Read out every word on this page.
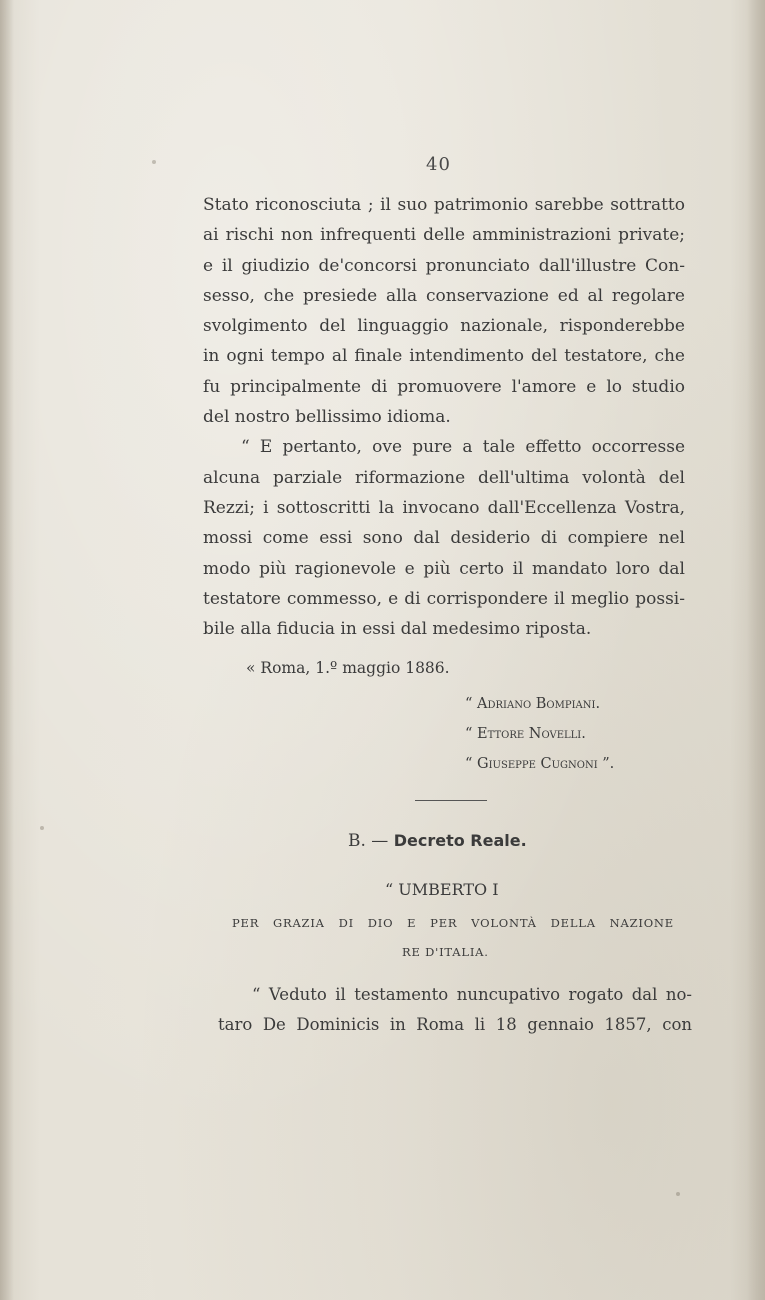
40
Stato riconosciuta ; il suo patrimonio sarebbe sottratto
ai rischi non infrequenti delle amministrazioni private;
e il giudizio de'concorsi pronunciato dall'illustre Con-
sesso, che presiede alla conservazione ed al regolare
svolgimento del linguaggio nazionale, risponderebbe
in ogni tempo al finale intendimento del testatore, che
fu principalmente di promuovere l'amore e lo studio
del nostro bellissimo idioma.
“ E pertanto, ove pure a tale effetto occorresse
alcuna parziale riformazione dell'ultima volontà del
Rezzi; i sottoscritti la invocano dall'Eccellenza Vostra,
mossi come essi sono dal desiderio di compiere nel
modo più ragionevole e più certo il mandato loro dal
testatore commesso, e di corrispondere il meglio possi-
bile alla fiducia in essi dal medesimo riposta.
« Roma, 1.º maggio 1886.
“ Adriano Bompiani.
“ Ettore Novelli.
“ Giuseppe Cugnoni ”.
B. — Decreto Reale.
“ UMBERTO I
PER GRAZIA DI DIO E PER VOLONTÀ DELLA NAZIONE
RE D'ITALIA.
“ Veduto il testamento nuncupativo rogato dal no-
taro De Dominicis in Roma li 18 gennaio 1857, con
